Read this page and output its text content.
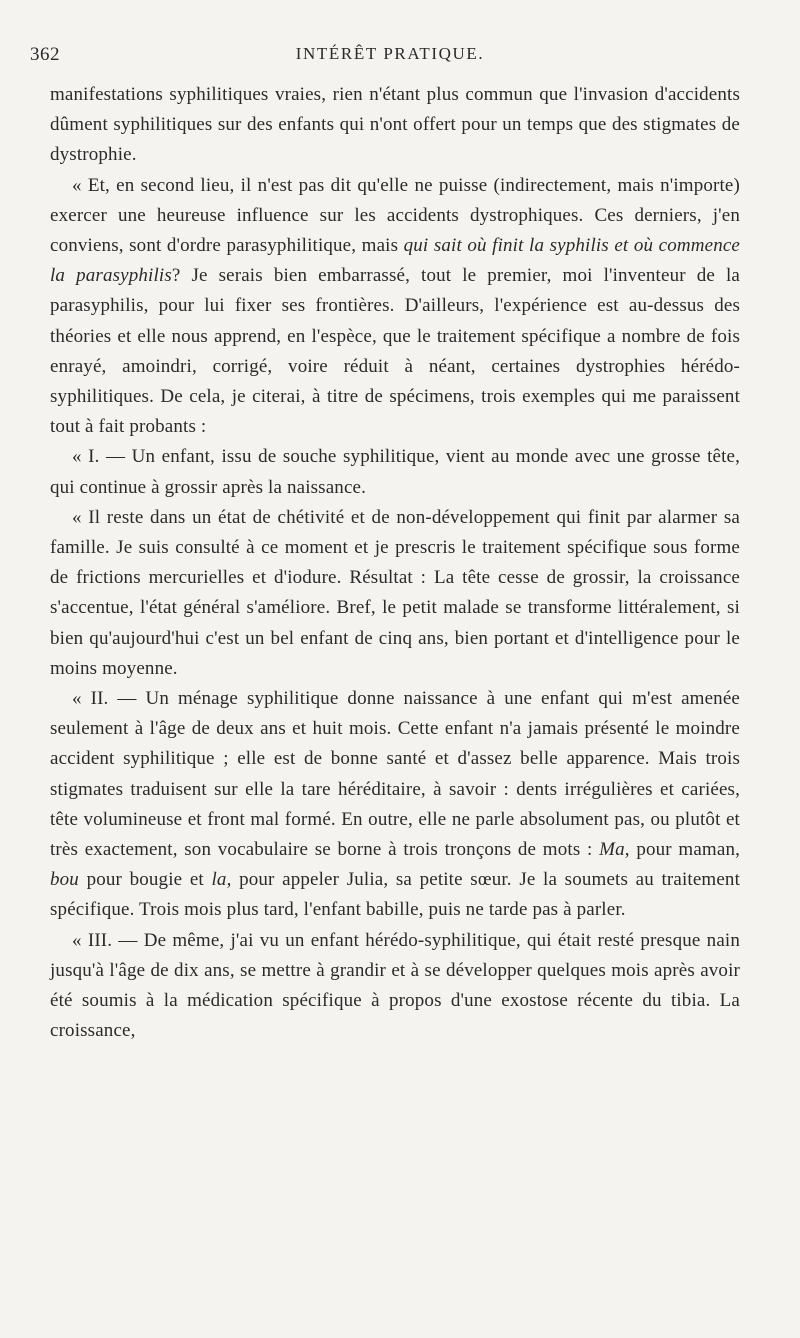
362	INTÉRÊT PRATIQUE.

manifestations syphilitiques vraies, rien n'étant plus commun que l'invasion d'accidents dûment syphilitiques sur des enfants qui n'ont offert pour un temps que des stigmates de dystrophie.

« Et, en second lieu, il n'est pas dit qu'elle ne puisse (indirectement, mais n'importe) exercer une heureuse influence sur les accidents dystrophiques. Ces derniers, j'en conviens, sont d'ordre parasyphilitique, mais qui sait où finit la syphilis et où commence la parasyphilis? Je serais bien embarrassé, tout le premier, moi l'inventeur de la parasyphilis, pour lui fixer ses frontières. D'ailleurs, l'expérience est au-dessus des théories et elle nous apprend, en l'espèce, que le traitement spécifique a nombre de fois enrayé, amoindri, corrigé, voire réduit à néant, certaines dystrophies hérédo-syphilitiques. De cela, je citerai, à titre de spécimens, trois exemples qui me paraissent tout à fait probants :

« I. — Un enfant, issu de souche syphilitique, vient au monde avec une grosse tête, qui continue à grossir après la naissance.

« Il reste dans un état de chétivité et de non-développement qui finit par alarmer sa famille. Je suis consulté à ce moment et je prescris le traitement spécifique sous forme de frictions mercurielles et d'iodure. Résultat : La tête cesse de grossir, la croissance s'accentue, l'état général s'améliore. Bref, le petit malade se transforme littéralement, si bien qu'aujourd'hui c'est un bel enfant de cinq ans, bien portant et d'intelligence pour le moins moyenne.

« II. — Un ménage syphilitique donne naissance à une enfant qui m'est amenée seulement à l'âge de deux ans et huit mois. Cette enfant n'a jamais présenté le moindre accident syphilitique ; elle est de bonne santé et d'assez belle apparence. Mais trois stigmates traduisent sur elle la tare héréditaire, à savoir : dents irrégulières et cariées, tête volumineuse et front mal formé. En outre, elle ne parle absolument pas, ou plutôt et très exactement, son vocabulaire se borne à trois tronçons de mots : Ma, pour maman, bou pour bougie et la, pour appeler Julia, sa petite sœur. Je la soumets au traitement spécifique. Trois mois plus tard, l'enfant babille, puis ne tarde pas à parler.

« III. — De même, j'ai vu un enfant hérédo-syphilitique, qui était resté presque nain jusqu'à l'âge de dix ans, se mettre à grandir et à se développer quelques mois après avoir été soumis à la médication spécifique à propos d'une exostose récente du tibia. La croissance,
